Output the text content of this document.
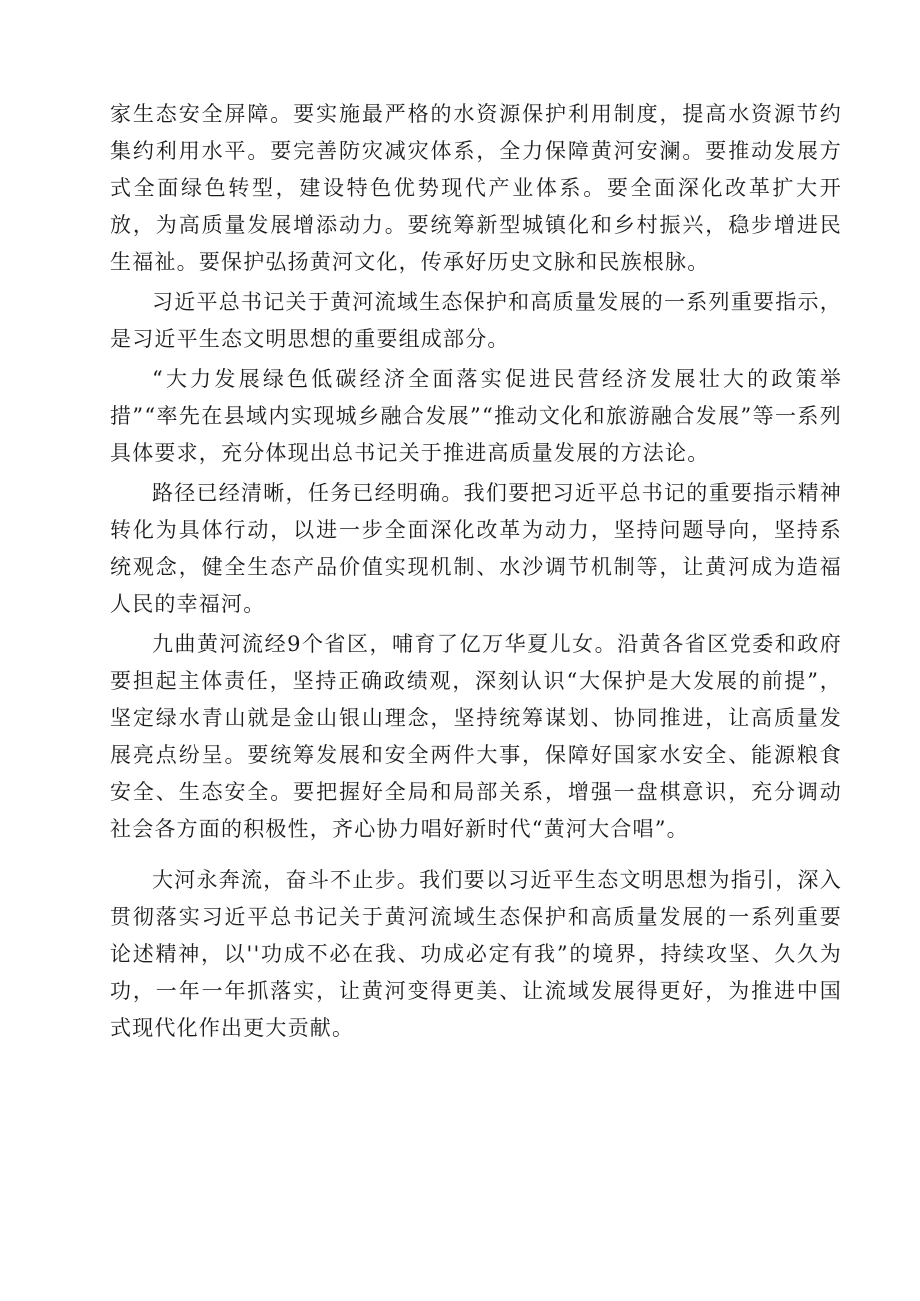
家生态安全屏障。要实施最严格的水资源保护利用制度，提高水资源节约集约利用水平。要完善防灾减灾体系，全力保障黄河安澜。要推动发展方式全面绿色转型，建设特色优势现代产业体系。要全面深化改革扩大开放，为高质量发展增添动力。要统筹新型城镇化和乡村振兴，稳步增进民生福祉。要保护弘扬黄河文化，传承好历史文脉和民族根脉。

习近平总书记关于黄河流域生态保护和高质量发展的一系列重要指示，是习近平生态文明思想的重要组成部分。

“大力发展绿色低碳经济全面落实促进民营经济发展壮大的政策举措”“率先在县域内实现城乡融合发展”“推动文化和旅游融合发展”等一系列具体要求，充分体现出总书记关于推进高质量发展的方法论。

路径已经清晰，任务已经明确。我们要把习近平总书记的重要指示精神转化为具体行动，以进一步全面深化改革为动力，坚持问题导向，坚持系统观念，健全生态产品价值实现机制、水沙调节机制等，让黄河成为造福人民的幸福河。

九曲黄河流经9个省区，哺育了亿万华夏儿女。沿黄各省区党委和政府要担起主体责任，坚持正确政绩观，深刻认识“大保护是大发展的前提”，坚定绿水青山就是金山银山理念，坚持统筹谋划、协同推进，让高质量发展亮点纷呈。要统筹发展和安全两件大事，保障好国家水安全、能源粮食安全、生态安全。要把握好全局和局部关系，增强一盘棋意识，充分调动社会各方面的积极性，齐心协力唱好新时代“黄河大合唱”。

大河永奔流，奋斗不止步。我们要以习近平生态文明思想为指引，深入贯彻落实习近平总书记关于黄河流域生态保护和高质量发展的一系列重要论述精神，以''功成不必在我、功成必定有我”的境界，持续攻坚、久久为功，一年一年抓落实，让黄河变得更美、让流域发展得更好，为推进中国式现代化作出更大贡献。
